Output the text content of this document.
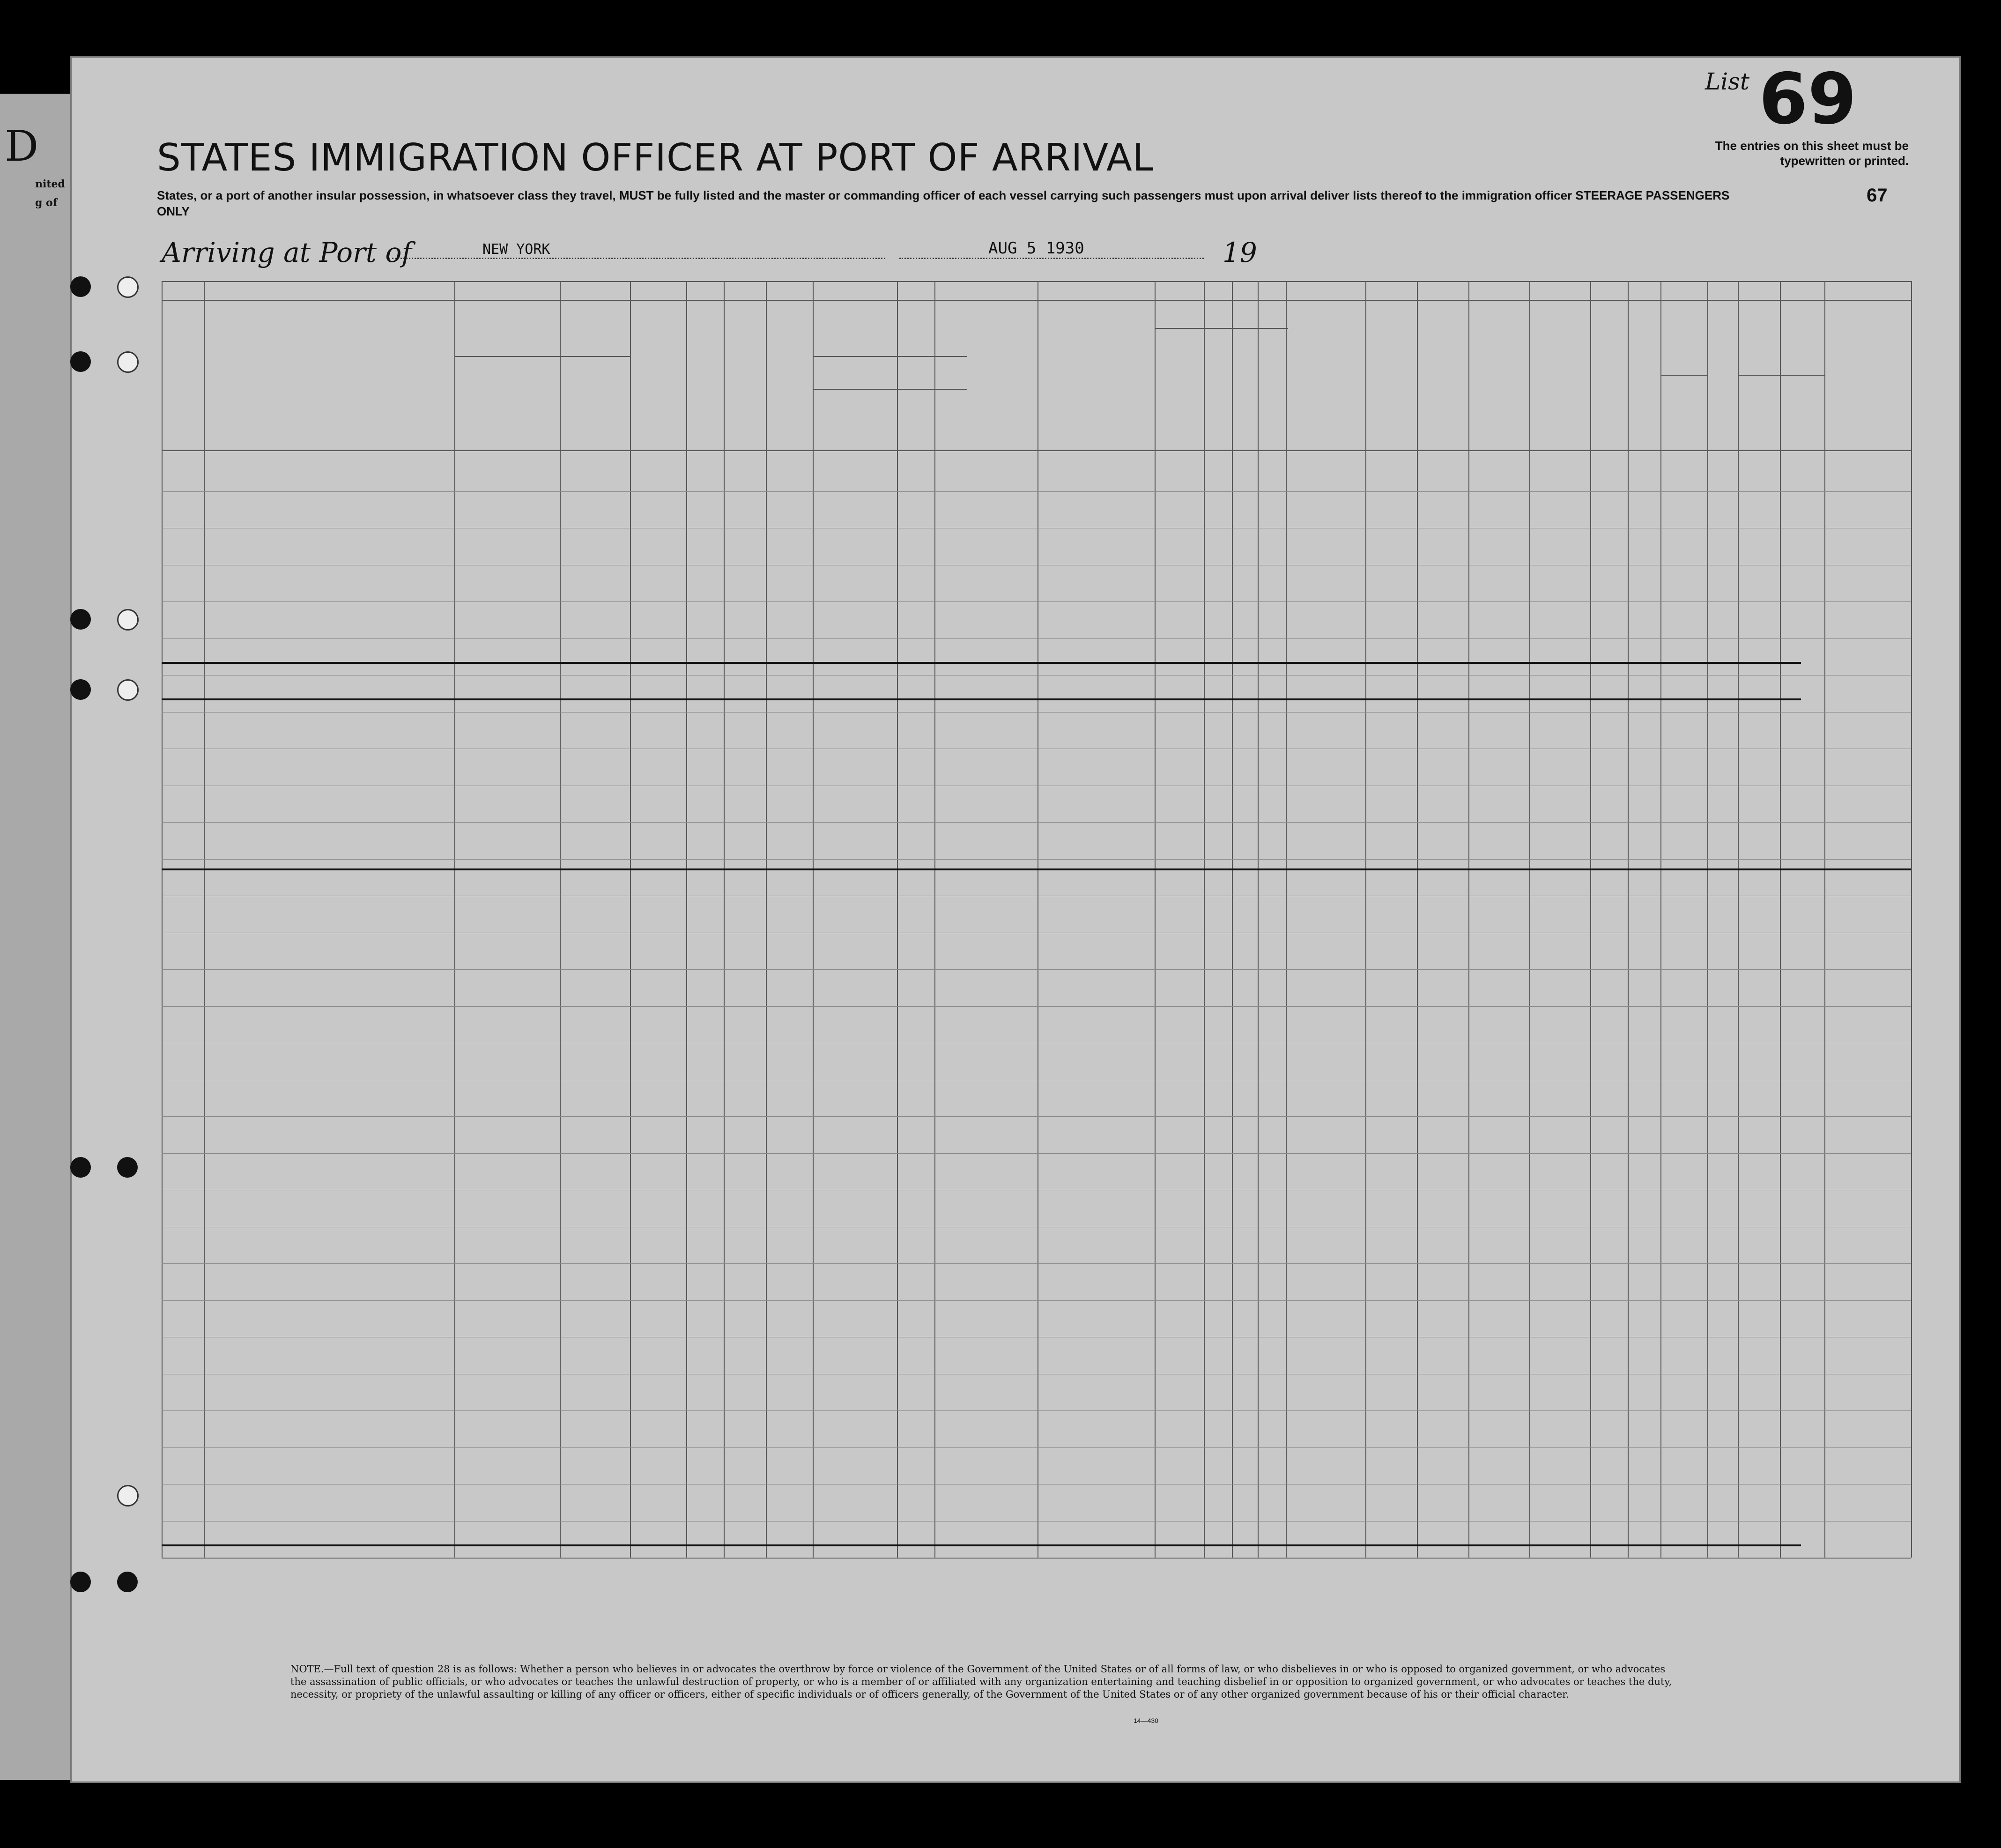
D
nited
g of
STATES IMMIGRATION OFFICER AT PORT OF ARRIVAL
States, or a port of another insular possession, in whatsoever class they travel, MUST be fully listed and the master or commanding officer of each vessel carrying such passengers must upon arrival deliver lists thereof to the immigration officer STEERAGE PASSENGERS ONLY
Arriving at Port of	NEW YORK	AUG 5 1930	19
List 69
The entries on this sheet must be typewritten or printed.
67
NOTE.—Full text of question 28 is as follows: Whether a person who believes in or advocates the overthrow by force or violence of the Government of the United States or of all forms of law, or who disbelieves in or who is opposed to organized government, or who advocates the assassination of public officials, or who advocates or teaches the unlawful destruction of property, or who is a member of or affiliated with any organization entertaining and teaching disbelief in or opposition to organized government, or who advocates or teaches the duty, necessity, or propriety of the unlawful assaulting or killing of any officer or officers, either of specific individuals or of officers generally, of the Government of the United States or of any other organized government because of his or their official character.
14—430
